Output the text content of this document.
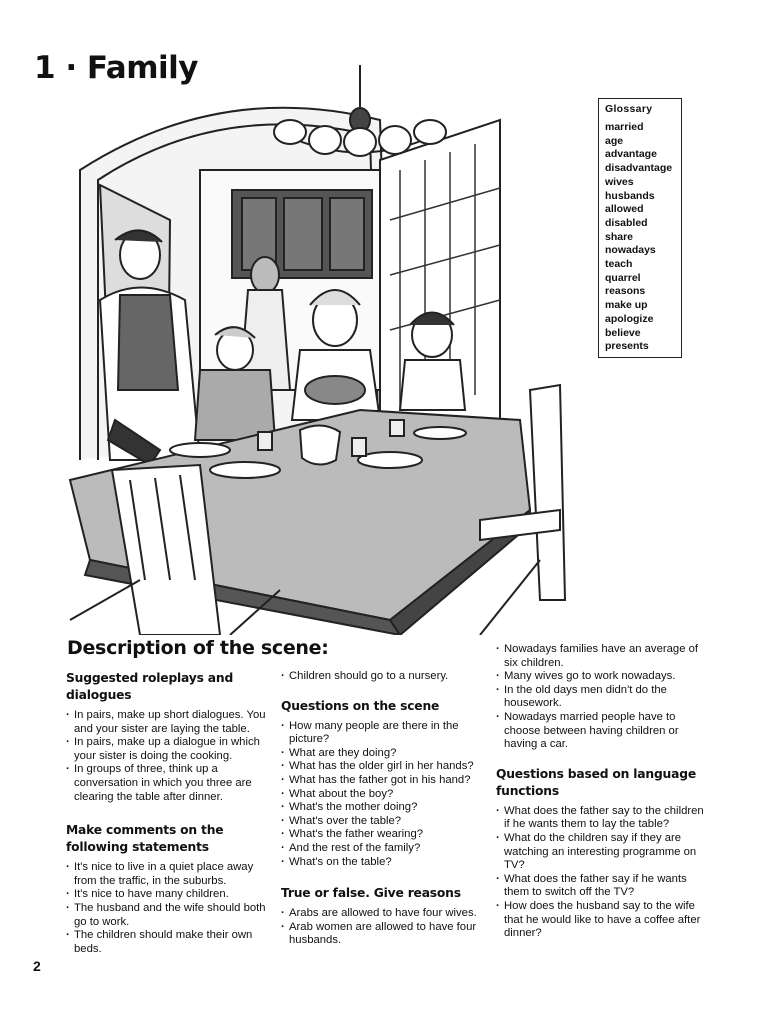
1 · Family
Glossary
married
age
advantage
disadvantage
wives
husbands
allowed
disabled
share
nowadays
teach
quarrel
reasons
make up
apologize
believe
presents
Description of the scene:
Suggested roleplays and
dialogues
· In pairs, make up short dialogues. You and your sister are laying the table.
· In pairs, make up a dialogue in which your sister is doing the cooking.
· In groups of three, think up a conversation in which you three are clearing the table after dinner.
Make comments on the
following statements
· It's nice to live in a quiet place away from the traffic, in the suburbs.
· It's nice to have many children.
· The husband and the wife should both go to work.
· The children should make their own beds.
· Children should go to a nursery.
Questions on the scene
· How many people are there in the picture?
· What are they doing?
· What has the older girl in her hands?
· What has the father got in his hand?
· What about the boy?
· What's the mother doing?
· What's over the table?
· What's the father wearing?
· And the rest of the family?
· What's on the table?
True or false. Give reasons
· Arabs are allowed to have four wives.
· Arab women are allowed to have four husbands.
· Nowadays families have an average of six children.
· Many wives go to work nowadays.
· In the old days men didn't do the housework.
· Nowadays married people have to choose between having children or having a car.
Questions based on language
functions
· What does the father say to the children if he wants them to lay the table?
· What do the children say if they are watching an interesting programme on TV?
· What does the father say if he wants them to switch off the TV?
· How does the husband say to the wife that he would like to have a coffee after dinner?
2
